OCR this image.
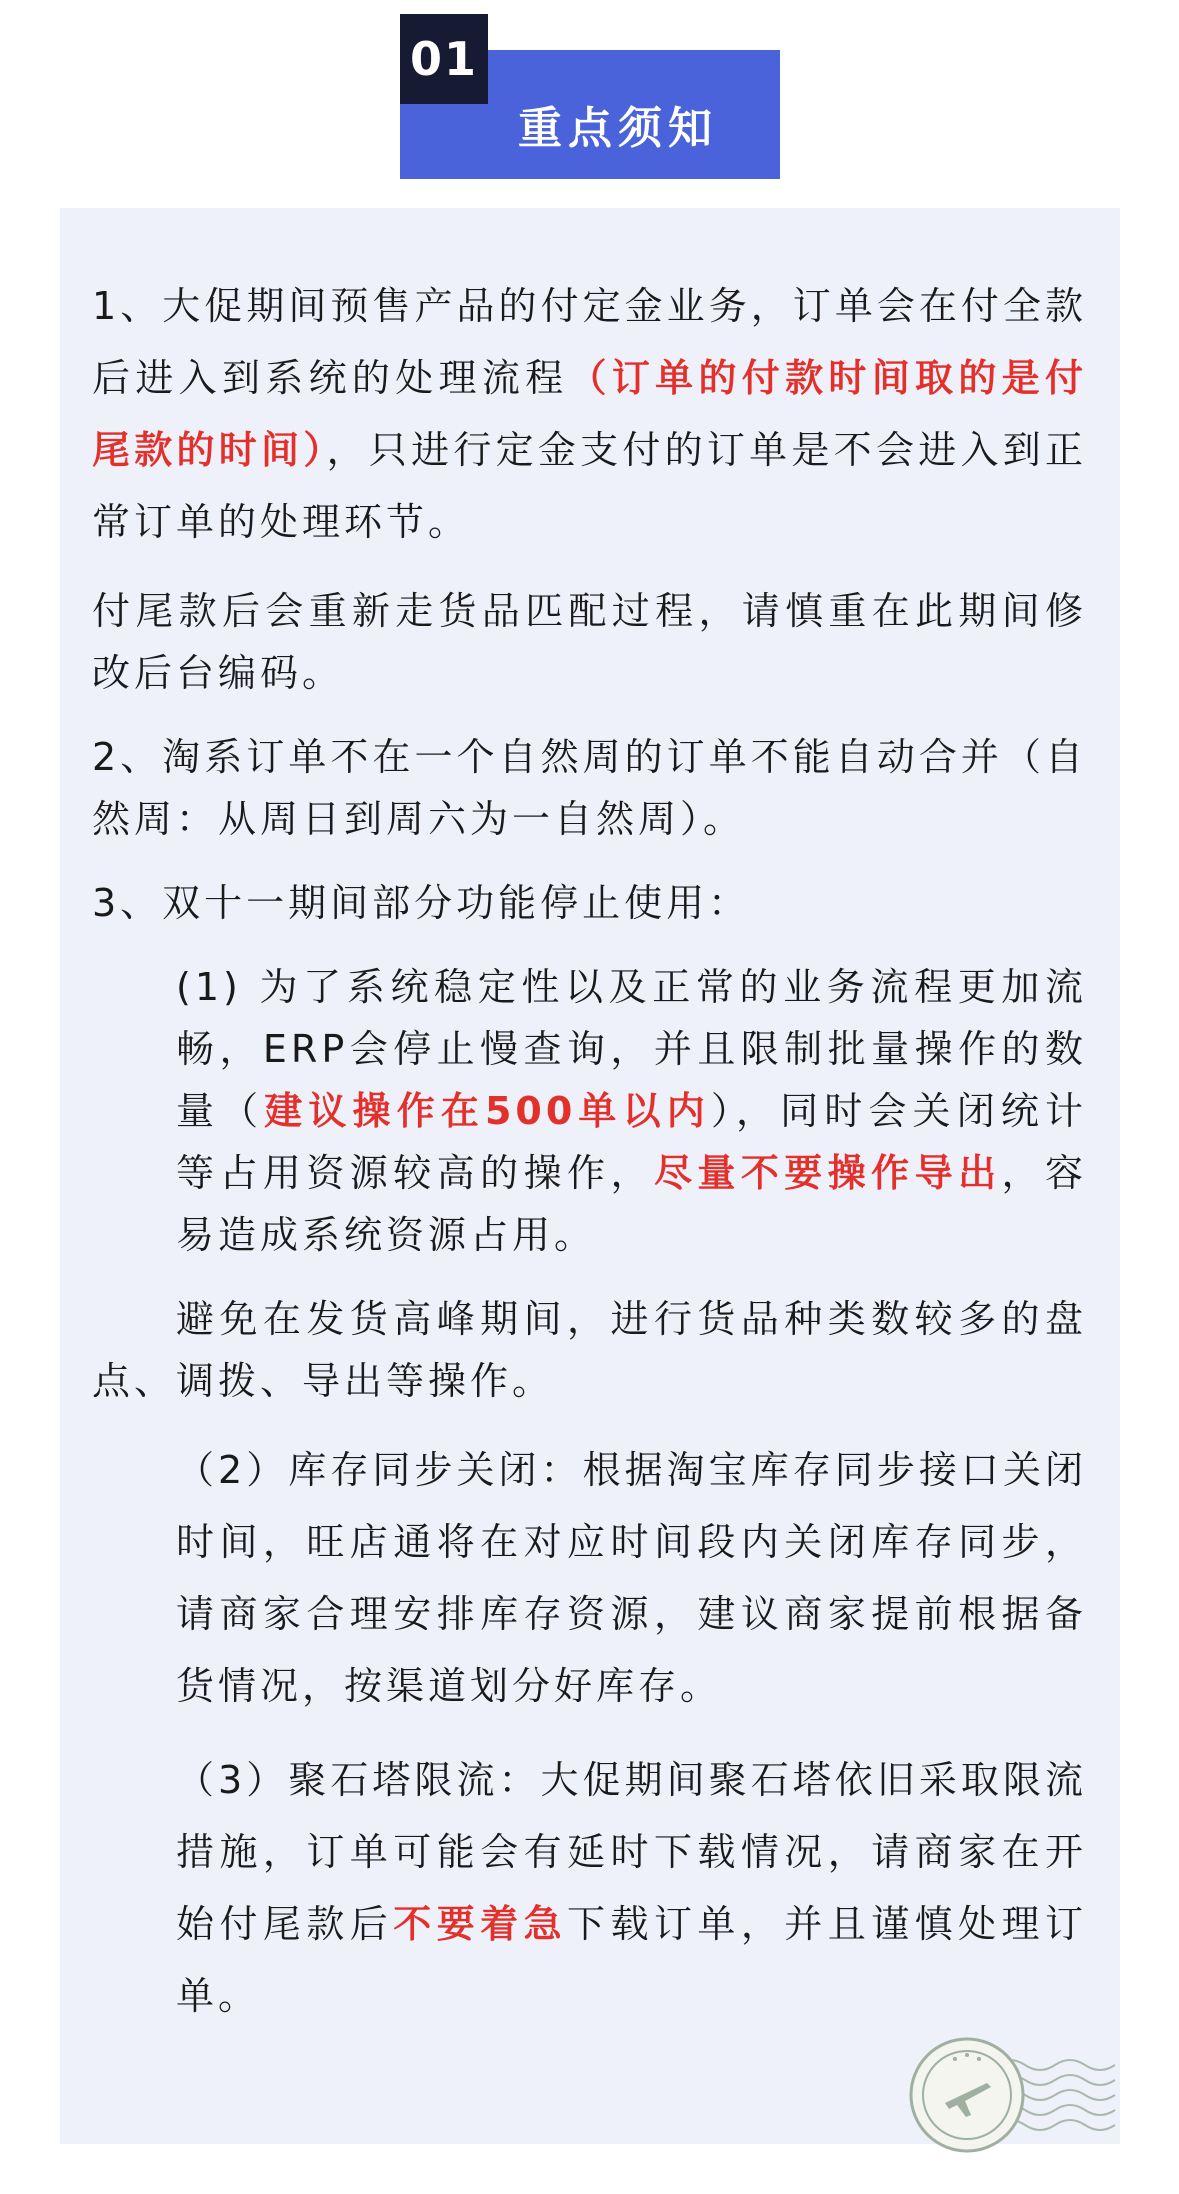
重点须知
01

1、大促期间预售产品的付定金业务，订单会在付全款后进入到系统的处理流程（订单的付款时间取的是付尾款的时间），只进行定金支付的订单是不会进入到正常订单的处理环节。

付尾款后会重新走货品匹配过程，请慎重在此期间修改后台编码。

2、淘系订单不在一个自然周的订单不能自动合并（自然周：从周日到周六为一自然周）。

3、双十一期间部分功能停止使用：

(1) 为了系统稳定性以及正常的业务流程更加流畅，ERP会停止慢查询，并且限制批量操作的数量（建议操作在500单以内），同时会关闭统计等占用资源较高的操作，尽量不要操作导出，容易造成系统资源占用。

避免在发货高峰期间，进行货品种类数较多的盘点、调拨、导出等操作。

（2）库存同步关闭：根据淘宝库存同步接口关闭时间，旺店通将在对应时间段内关闭库存同步，请商家合理安排库存资源，建议商家提前根据备货情况，按渠道划分好库存。

（3）聚石塔限流：大促期间聚石塔依旧采取限流措施，订单可能会有延时下载情况，请商家在开始付尾款后不要着急下载订单，并且谨慎处理订单。
